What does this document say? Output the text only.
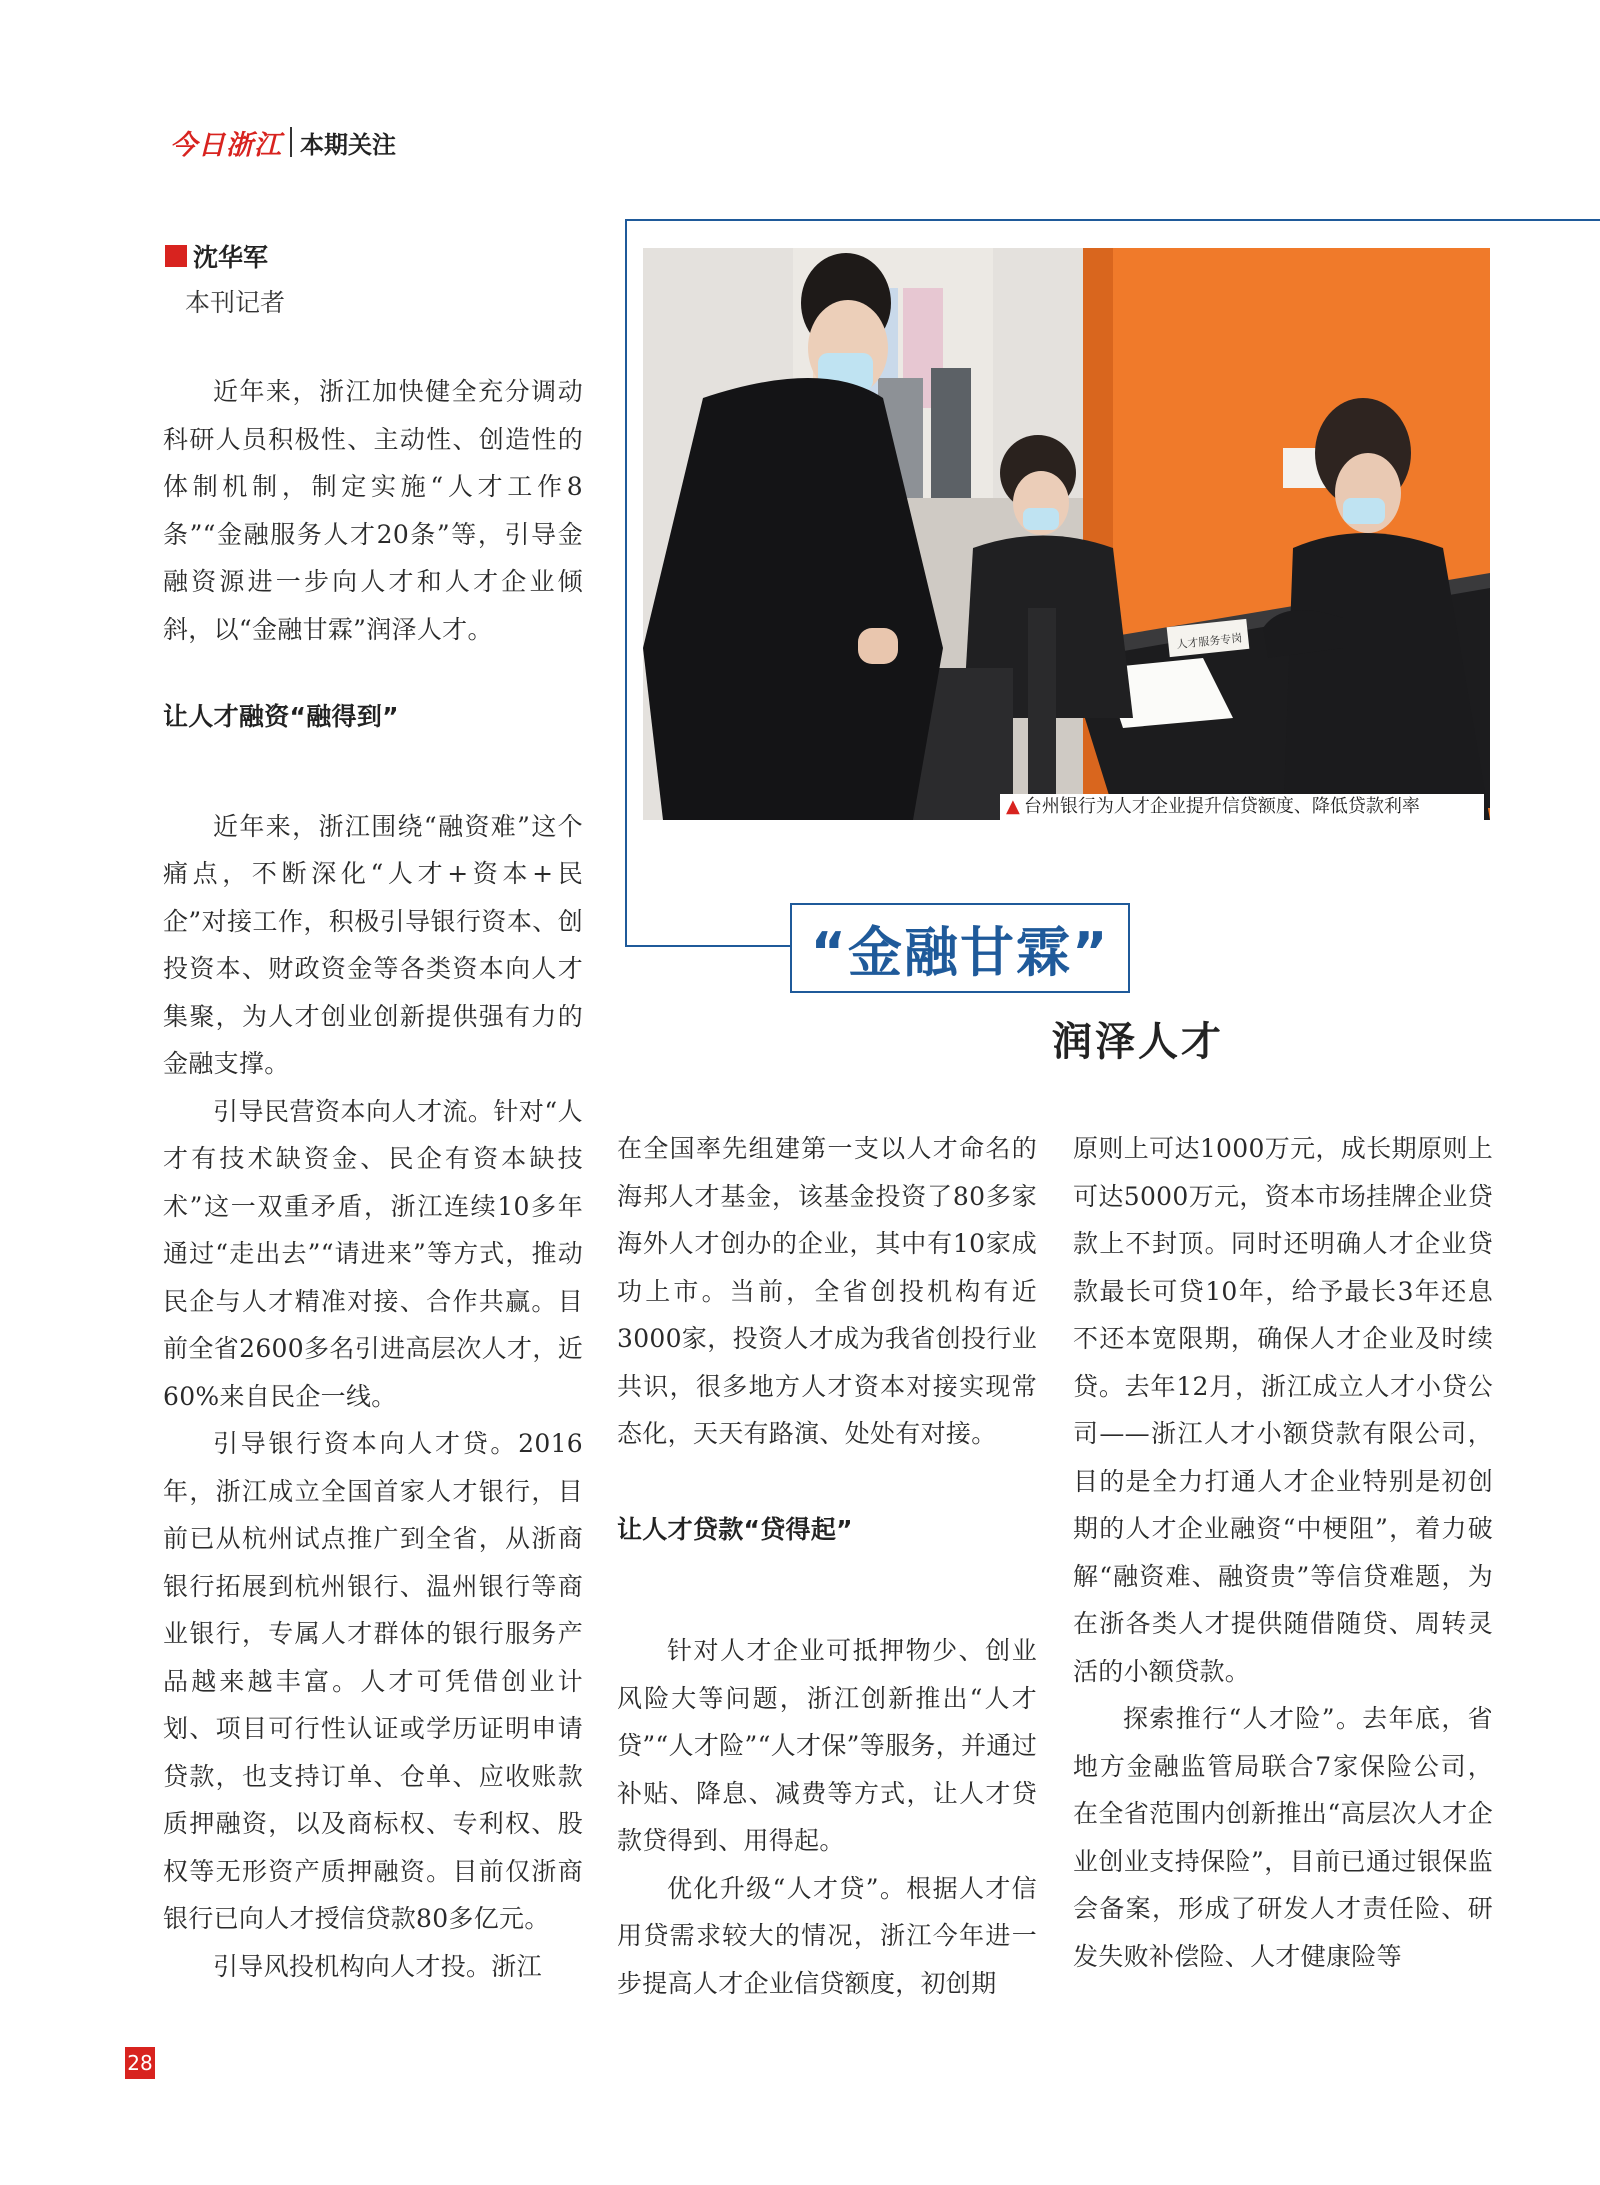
今日浙江 本期关注
沈华军
本刊记者
人才服务专岗
▲ 台州银行为人才企业提升信贷额度、降低贷款利率
“金融甘霖”
润泽人才

近年来，浙江加快健全充分调动科研人员积极性、主动性、创造性的体制机制，制定实施“人才工作8条”“金融服务人才20条”等，引导金融资源进一步向人才和人才企业倾斜，以“金融甘霖”润泽人才。

让人才融资“融得到”

近年来，浙江围绕“融资难”这个痛点，不断深化“人才+资本+民企”对接工作，积极引导银行资本、创投资本、财政资金等各类资本向人才集聚，为人才创业创新提供强有力的金融支撑。

引导民营资本向人才流。针对“人才有技术缺资金、民企有资本缺技术”这一双重矛盾，浙江连续10多年通过“走出去”“请进来”等方式，推动民企与人才精准对接、合作共赢。目前全省2600多名引进高层次人才，近60%来自民企一线。

引导银行资本向人才贷。2016年，浙江成立全国首家人才银行，目前已从杭州试点推广到全省，从浙商银行拓展到杭州银行、温州银行等商业银行，专属人才群体的银行服务产品越来越丰富。人才可凭借创业计划、项目可行性认证或学历证明申请贷款，也支持订单、仓单、应收账款质押融资，以及商标权、专利权、股权等无形资产质押融资。目前仅浙商银行已向人才授信贷款80多亿元。

引导风投机构向人才投。浙江

在全国率先组建第一支以人才命名的海邦人才基金，该基金投资了80多家海外人才创办的企业，其中有10家成功上市。当前，全省创投机构有近3000家，投资人才成为我省创投行业共识，很多地方人才资本对接实现常态化，天天有路演、处处有对接。

让人才贷款“贷得起”

针对人才企业可抵押物少、创业风险大等问题，浙江创新推出“人才贷”“人才险”“人才保”等服务，并通过补贴、降息、减费等方式，让人才贷款贷得到、用得起。

优化升级“人才贷”。根据人才信用贷需求较大的情况，浙江今年进一步提高人才企业信贷额度，初创期

原则上可达1000万元，成长期原则上可达5000万元，资本市场挂牌企业贷款上不封顶。同时还明确人才企业贷款最长可贷10年，给予最长3年还息不还本宽限期，确保人才企业及时续贷。去年12月，浙江成立人才小贷公司——浙江人才小额贷款有限公司，目的是全力打通人才企业特别是初创期的人才企业融资“中梗阻”，着力破解“融资难、融资贵”等信贷难题，为在浙各类人才提供随借随贷、周转灵活的小额贷款。

探索推行“人才险”。去年底，省地方金融监管局联合7家保险公司，在全省范围内创新推出“高层次人才企业创业支持保险”，目前已通过银保监会备案，形成了研发人才责任险、研发失败补偿险、人才健康险等

28
